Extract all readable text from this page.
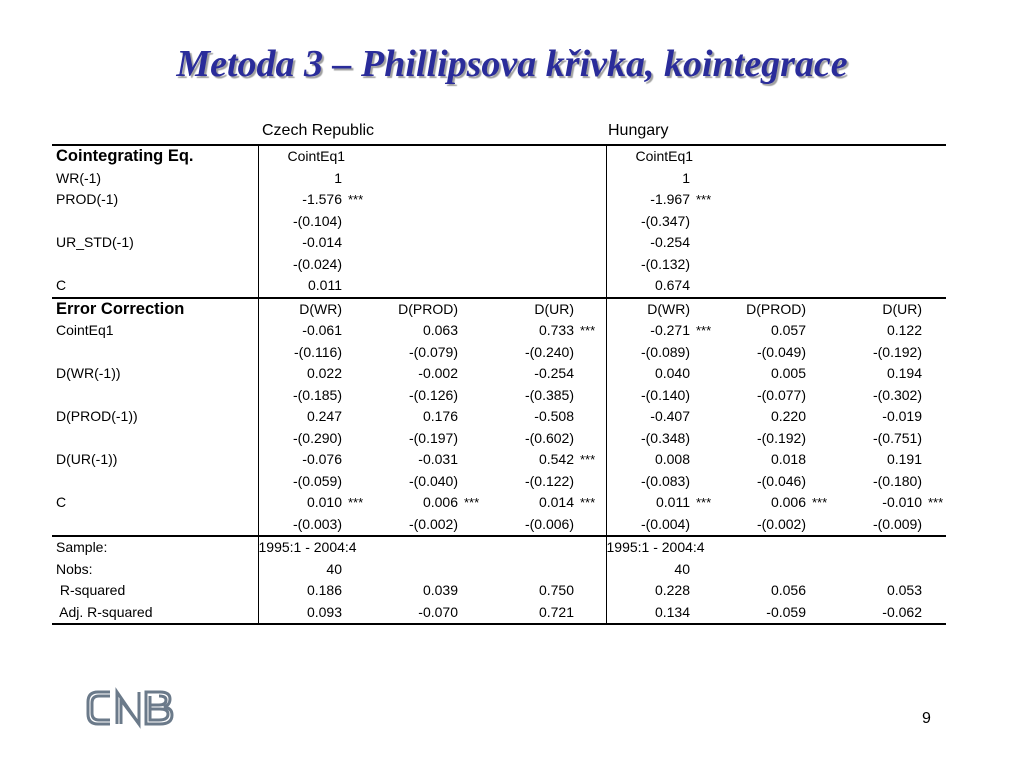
Metoda 3 – Phillipsova křivka, kointegrace
Czech Republic	Hungary
Cointegrating Eq.	CointEq1						CointEq1					
WR(-1)	1						1					
PROD(-1)	-1.576	***					-1.967	***				
	-(0.104)						-(0.347)					
UR_STD(-1)	-0.014						-0.254					
	-(0.024)						-(0.132)					
C	0.011						0.674					
Error Correction	D(WR)		D(PROD)		D(UR)		D(WR)		D(PROD)		D(UR)	
CointEq1	-0.061		0.063		0.733	***	-0.271	***	0.057		0.122	
	-(0.116)		-(0.079)		-(0.240)		-(0.089)		-(0.049)		-(0.192)	
D(WR(-1))	0.022		-0.002		-0.254		0.040		0.005		0.194	
	-(0.185)		-(0.126)		-(0.385)		-(0.140)		-(0.077)		-(0.302)	
D(PROD(-1))	0.247		0.176		-0.508		-0.407		0.220		-0.019	
	-(0.290)		-(0.197)		-(0.602)		-(0.348)		-(0.192)		-(0.751)	
D(UR(-1))	-0.076		-0.031		0.542	***	0.008		0.018		0.191	
	-(0.059)		-(0.040)		-(0.122)		-(0.083)		-(0.046)		-(0.180)	
C	0.010	***	0.006	***	0.014	***	0.011	***	0.006	***	-0.010	***
	-(0.003)		-(0.002)		-(0.006)		-(0.004)		-(0.002)		-(0.009)	
Sample:	1995:1 - 2004:4						1995:1 - 2004:4					
Nobs:	40						40					
R-squared	0.186		0.039		0.750		0.228		0.056		0.053	
Adj. R-squared	0.093		-0.070		0.721		0.134		-0.059		-0.062	
9
